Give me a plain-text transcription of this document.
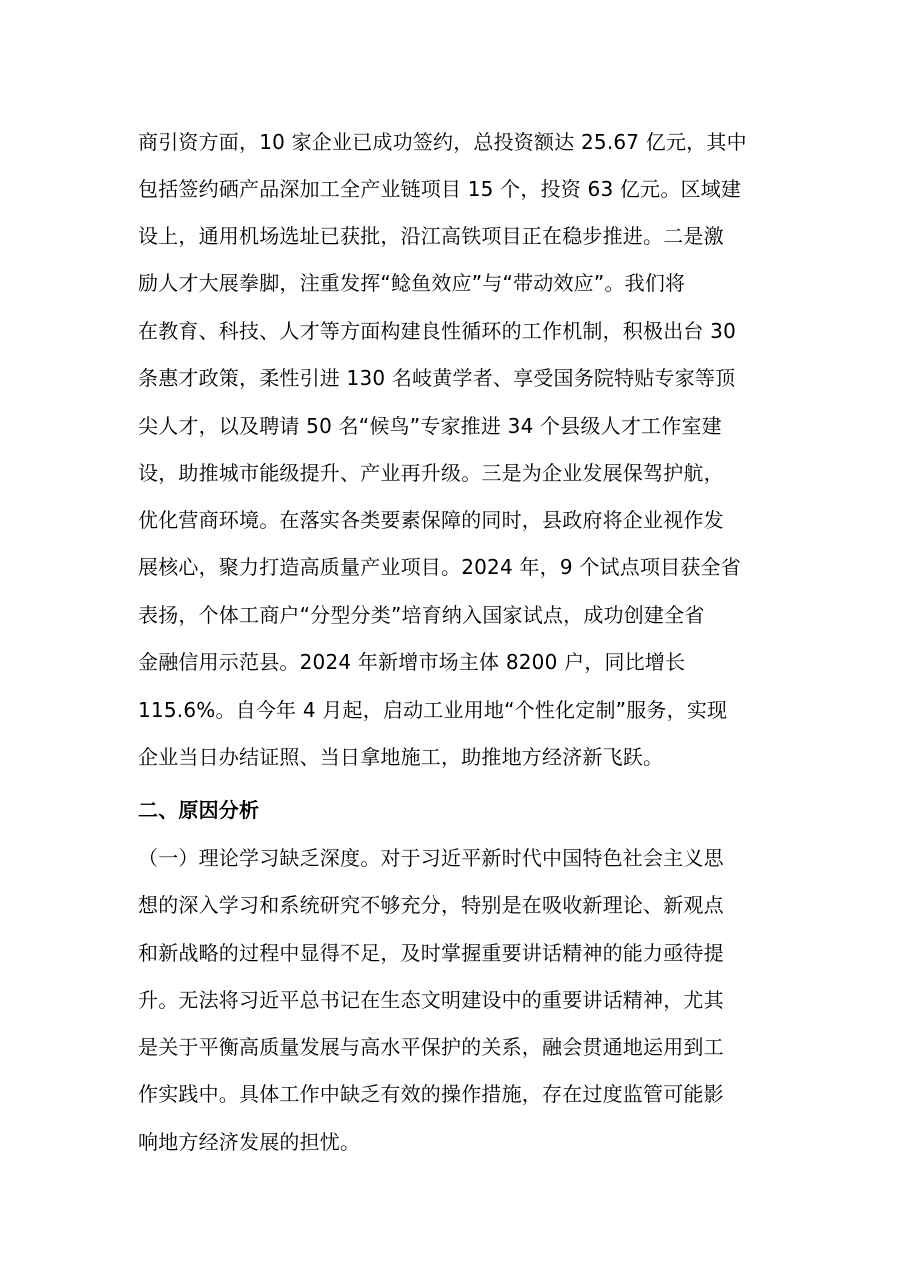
商引资方面，10 家企业已成功签约，总投资额达 25.67 亿元，其中
包括签约硒产品深加工全产业链项目 15 个，投资 63 亿元。区域建
设上，通用机场选址已获批，沿江高铁项目正在稳步推进。二是激
励人才大展拳脚，注重发挥“鲶鱼效应”与“带动效应”。我们将
在教育、科技、人才等方面构建良性循环的工作机制，积极出台 30
条惠才政策，柔性引进 130 名岐黄学者、享受国务院特贴专家等顶
尖人才，以及聘请 50 名“候鸟”专家推进 34 个县级人才工作室建
设，助推城市能级提升、产业再升级。三是为企业发展保驾护航，
优化营商环境。在落实各类要素保障的同时，县政府将企业视作发
展核心，聚力打造高质量产业项目。2024 年，9 个试点项目获全省
表扬，个体工商户“分型分类”培育纳入国家试点，成功创建全省
金融信用示范县。2024 年新增市场主体 8200 户，同比增长
115.6%。自今年 4 月起，启动工业用地“个性化定制”服务，实现
企业当日办结证照、当日拿地施工，助推地方经济新飞跃。
二、原因分析
（一）理论学习缺乏深度。对于习近平新时代中国特色社会主义思
想的深入学习和系统研究不够充分，特别是在吸收新理论、新观点
和新战略的过程中显得不足，及时掌握重要讲话精神的能力亟待提
升。无法将习近平总书记在生态文明建设中的重要讲话精神，尤其
是关于平衡高质量发展与高水平保护的关系，融会贯通地运用到工
作实践中。具体工作中缺乏有效的操作措施，存在过度监管可能影
响地方经济发展的担忧。
